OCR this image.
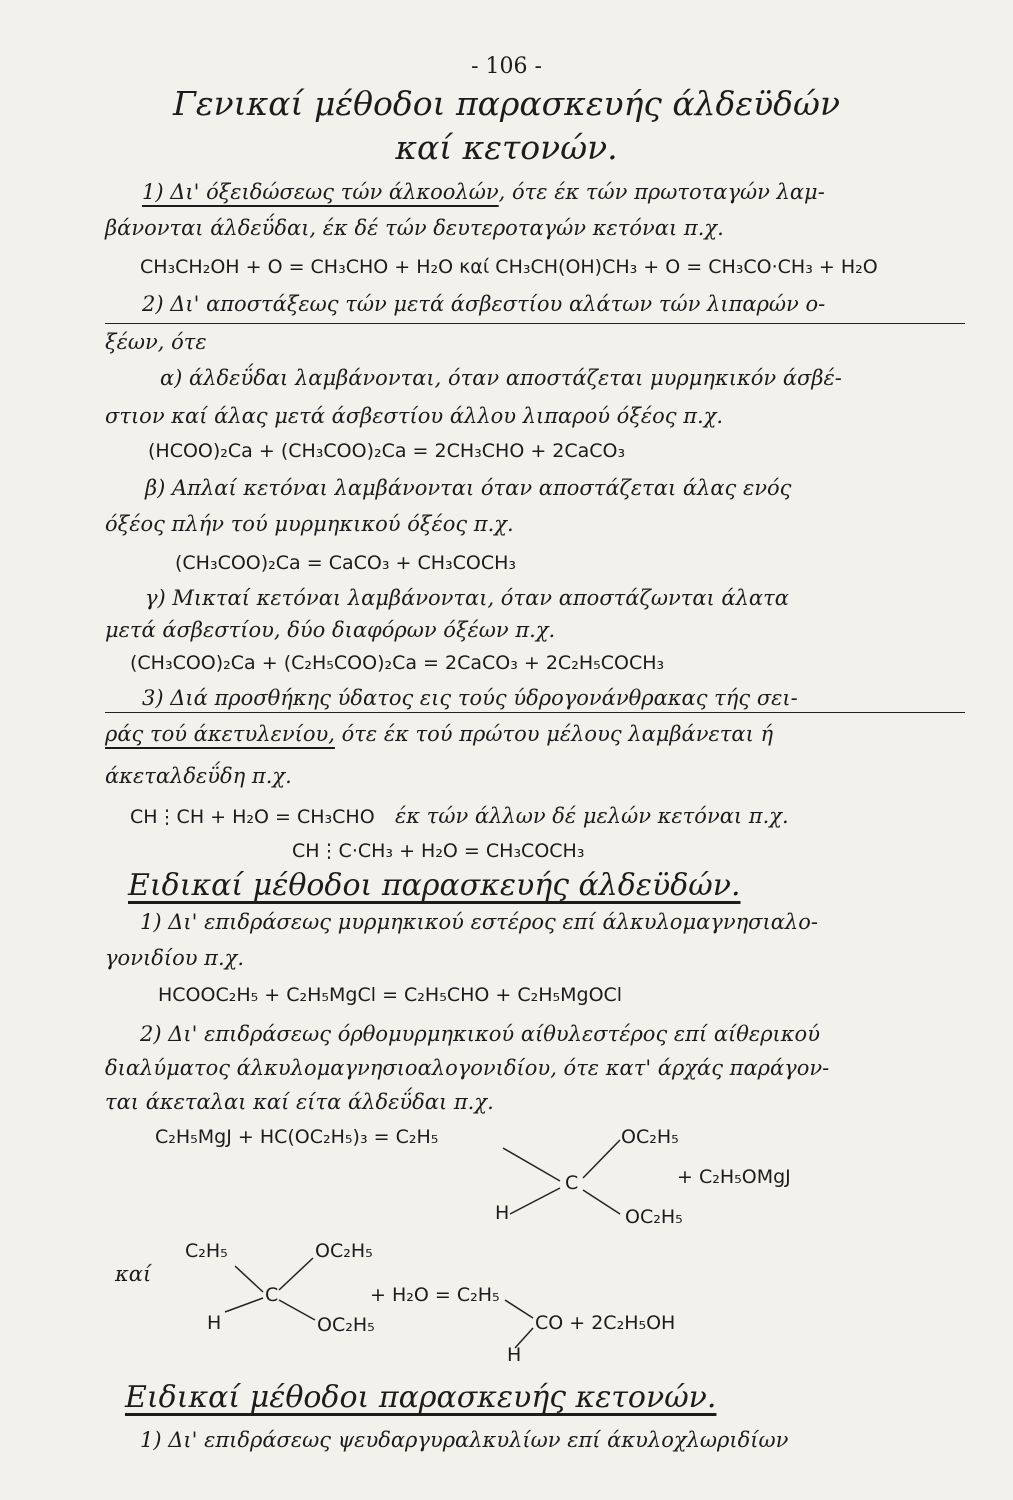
- 106 -
Γενικαί μέθοδοι παρασκευής άλδεϋδών
καί κετονών.
1) Δι' όξειδώσεως τών άλκοολών, ότε έκ τών πρωτοταγών λαμ-
βάνονται άλδεΰδαι, έκ δέ τών δευτεροταγών κετόναι π.χ.
CH₃CH₂OH + O = CH₃CHO + H₂O καί CH₃CH(OH)CH₃ + O = CH₃CO·CH₃ + H₂O
2) Δι' αποστάξεως τών μετά άσβεστίου αλάτων τών λιπαρών ο-
ξέων, ότε
α) άλδεΰδαι λαμβάνονται, όταν αποστάζεται μυρμηκικόν άσβέ-
στιον καί άλας μετά άσβεστίου άλλου λιπαρού όξέος π.χ.
(HCOO)₂Ca + (CH₃COO)₂Ca = 2CH₃CHO + 2CaCO₃
β) Απλαί κετόναι λαμβάνονται όταν αποστάζεται άλας ενός
όξέος πλήν τού μυρμηκικού όξέος π.χ.
(CH₃COO)₂Ca = CaCO₃ + CH₃COCH₃
γ) Μικταί κετόναι λαμβάνονται, όταν αποστάζωνται άλατα
μετά άσβεστίου, δύο διαφόρων όξέων π.χ.
(CH₃COO)₂Ca + (C₂H₅COO)₂Ca = 2CaCO₃ + 2C₂H₅COCH₃
3) Διά προσθήκης ύδατος εις τούς ύδρογονάνθρακας τής σει-
ράς τού άκετυλενίου, ότε έκ τού πρώτου μέλους λαμβάνεται ή
άκεταλδεΰδη π.χ.
CH⋮CH + H₂O = CH₃CHO έκ τών άλλων δέ μελών κετόναι π.χ.
CH⋮C·CH₃ + H₂O = CH₃COCH₃
Ειδικαί μέθοδοι παρασκευής άλδεϋδών.
1) Δι' επιδράσεως μυρμηκικού εστέρος επί άλκυλομαγνησιαλο-
γονιδίου π.χ.
HCOOC₂H₅ + C₂H₅MgCl = C₂H₅CHO + C₂H₅MgOCl
2) Δι' επιδράσεως όρθομυρμηκικού αίθυλεστέρος επί αίθερικού
διαλύματος άλκυλομαγνησιοαλογονιδίου, ότε κατ' άρχάς παράγον-
ται άκεταλαι καί είτα άλδεΰδαι π.χ.
C₂H₅MgJ + HC(OC₂H₅)₃ = C₂H₅
H
C
OC₂H₅
OC₂H₅
+ C₂H₅OMgJ
καί
C₂H₅
H
C
OC₂H₅
OC₂H₅
+ H₂O = C₂H₅
H
CO + 2C₂H₅OH
Ειδικαί μέθοδοι παρασκευής κετονών.
1) Δι' επιδράσεως ψευδαργυραλκυλίων επί άκυλοχλωριδίων
